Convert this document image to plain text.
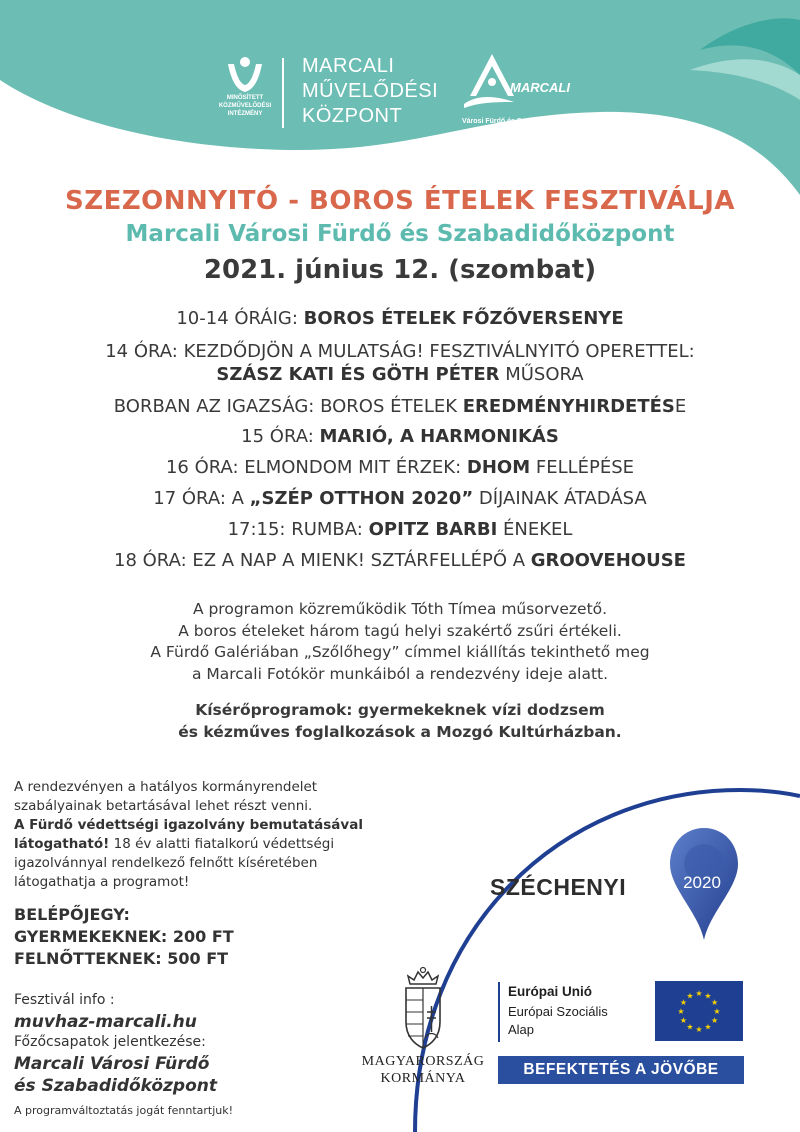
MINŐSÍTETT
KÖZMŰVELŐDÉSI
INTÉZMÉNY
MARCALI
MŰVELŐDÉSI
KÖZPONT
MARCALI
Városi Fürdő és Szabadidőközpont
SZEZONNYITÓ - BOROS ÉTELEK FESZTIVÁLJA
Marcali Városi Fürdő és Szabadidőközpont
2021. június 12. (szombat)
10-14 ÓRÁIG: BOROS ÉTELEK FŐZŐVERSENYE
14 ÓRA: KEZDŐDJÖN A MULATSÁG! FESZTIVÁLNYITÓ OPERETTEL:
SZÁSZ KATI ÉS GÖTH PÉTER MŰSORA
BORBAN AZ IGAZSÁG: BOROS ÉTELEK EREDMÉNYHIRDETÉSE
15 ÓRA: MARIÓ, A HARMONIKÁS
16 ÓRA: ELMONDOM MIT ÉRZEK: DHOM FELLÉPÉSE
17 ÓRA: A „SZÉP OTTHON 2020” DÍJAINAK ÁTADÁSA
17:15: RUMBA: OPITZ BARBI ÉNEKEL
18 ÓRA: EZ A NAP A MIENK! SZTÁRFELLÉPŐ A GROOVEHOUSE
A programon közreműködik Tóth Tímea műsorvezető.
A boros ételeket három tagú helyi szakértő zsűri értékeli.
A Fürdő Galériában „Szőlőhegy” címmel kiállítás tekinthető meg
a Marcali Fotókör munkáiból a rendezvény ideje alatt.
Kísérőprogramok: gyermekeknek vízi dodzsem
és kézműves foglalkozások a Mozgó Kultúrházban.
A rendezvényen a hatályos kormányrendelet
szabályainak betartásával lehet részt venni.
A Fürdő védettségi igazolvány bemutatásával
látogatható! 18 év alatti fiatalkorú védettségi
igazolvánnyal rendelkező felnőtt kíséretében
látogathatja a programot!
BELÉPŐJEGY:
GYERMEKEKNEK: 200 FT
FELNŐTTEKNEK: 500 FT
Fesztivál info :
muvhaz-marcali.hu
Főzőcsapatok jelentkezése:
Marcali Városi Fürdő
és Szabadidőközpont
A programváltoztatás jogát fenntartjuk!
SZÉCHENYI	2020
MAGYARORSZÁG
KORMÁNYA
Európai Unió
Európai Szociális
Alap
★
★
★
★
★
★
★
★
★ ★ ★
★
BEFEKTETÉS A JÖVŐBE
